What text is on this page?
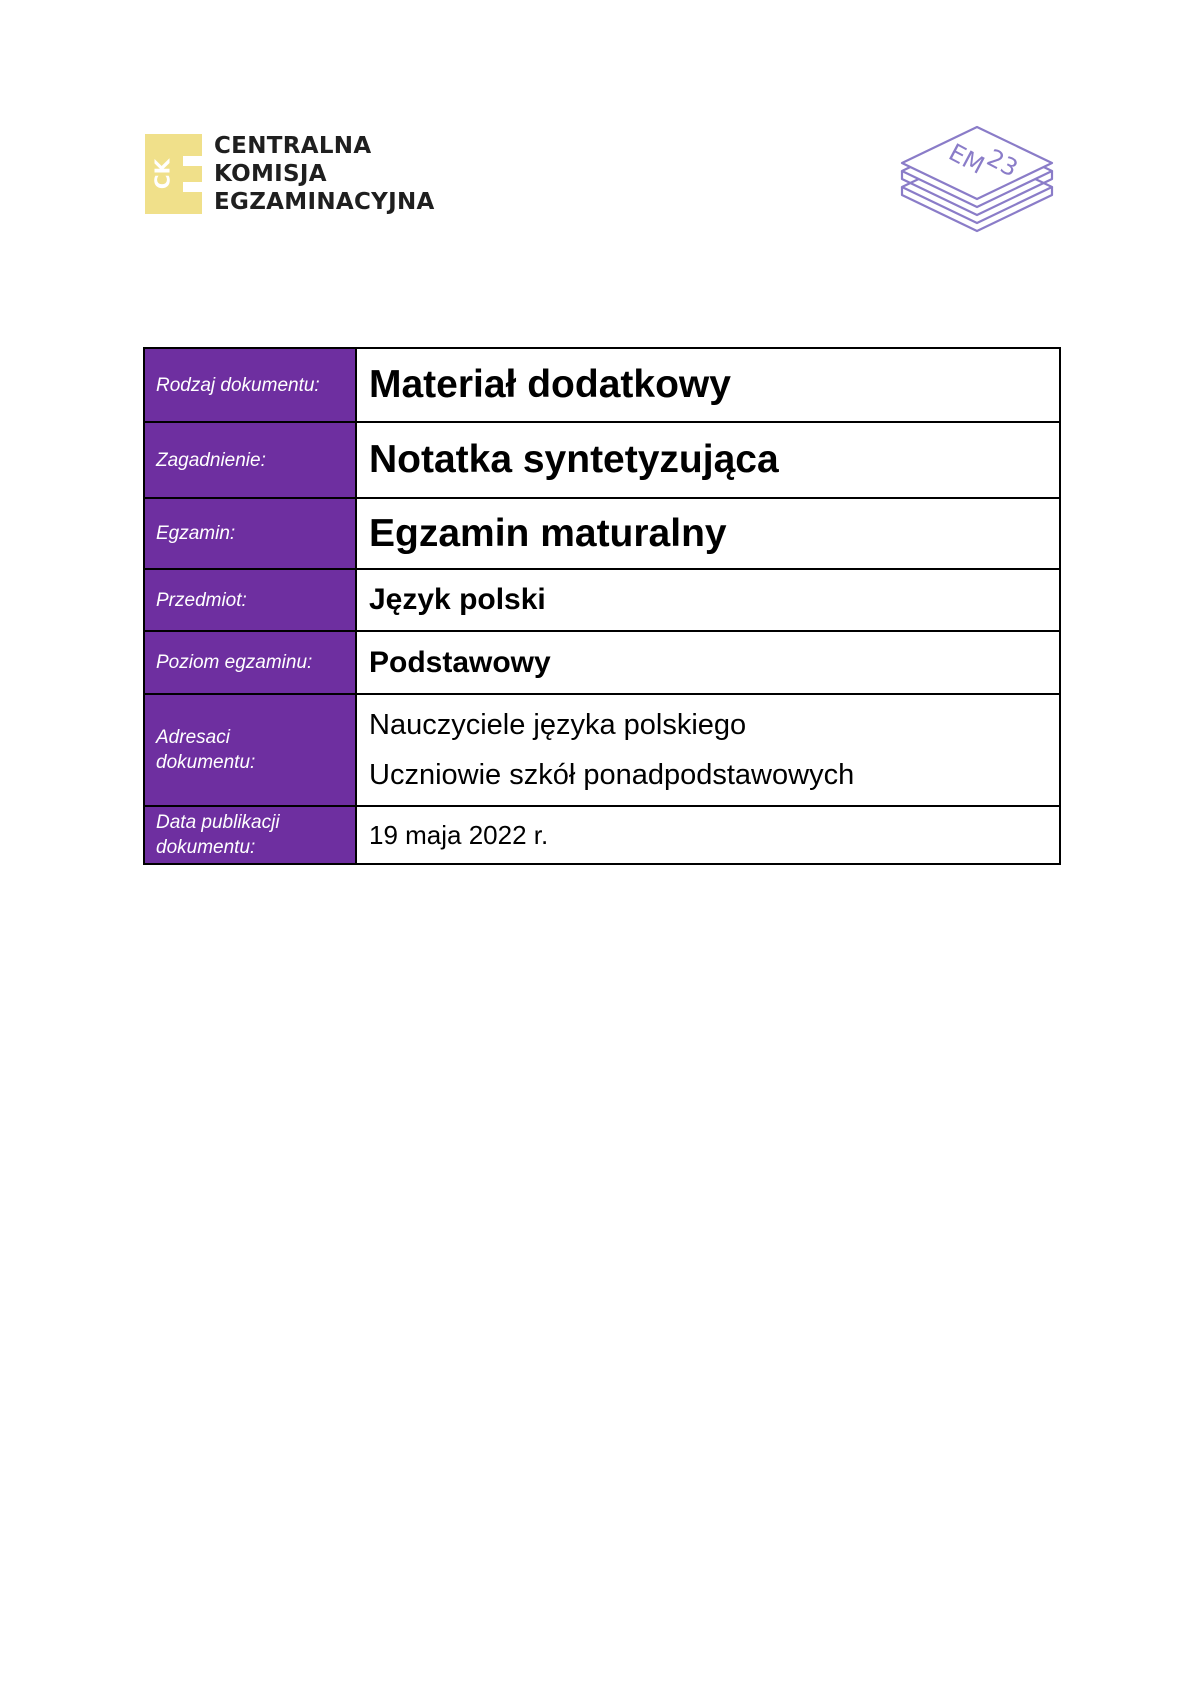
CK
CENTRALNA
KOMISJA
EGZAMINACYJNA
EM
23
Rodzaj dokumentu:	Materiał dodatkowy
Zagadnienie:	Notatka syntetyzująca
Egzamin:	Egzamin maturalny
Przedmiot:	Język polski
Poziom egzaminu:	Podstawowy

Adresaci
dokumentu:	Nauczyciele języka polskiego
Uczniowie szkół ponadpodstawowych

Data publikacji
dokumentu:	19 maja 2022 r.
